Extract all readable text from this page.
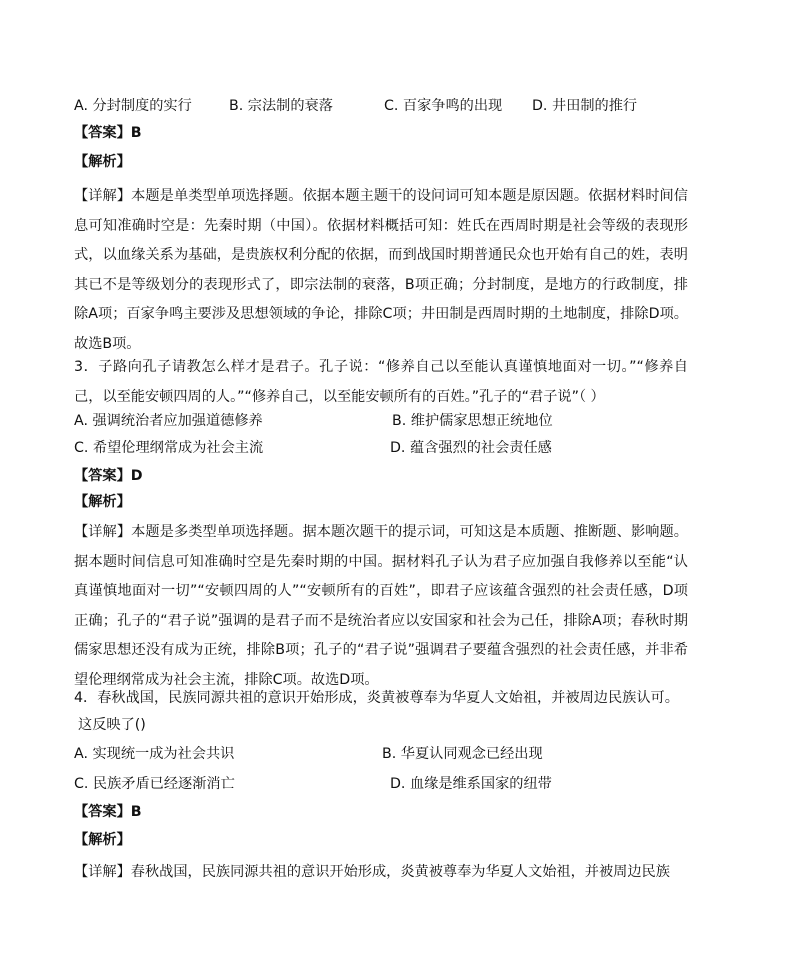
A. 分封制度的实行	B. 宗法制的衰落	C. 百家争鸣的出现 D. 井田制的推行
【答案】B
【解析】
【详解】本题是单类型单项选择题。依据本题主题干的设问词可知本题是原因题。依据材料时间信息可知准确时空是：先秦时期（中国）。依据材料概括可知：姓氏在西周时期是社会等级的表现形式，以血缘关系为基础，是贵族权利分配的依据，而到战国时期普通民众也开始有自己的姓，表明其已不是等级划分的表现形式了，即宗法制的衰落，B项正确；分封制度，是地方的行政制度，排除A项；百家争鸣主要涉及思想领域的争论，排除C项；井田制是西周时期的土地制度，排除D项。故选B项。
3．子路向孔子请教怎么样才是君子。孔子说：“修养自己以至能认真谨慎地面对一切。”“修养自己，以至能安顿四周的人。”“修养自己，以至能安顿所有的百姓。”孔子的“君子说”（ ）
A. 强调统治者应加强道德修养	B. 维护儒家思想正统地位
C. 希望伦理纲常成为社会主流	D. 蕴含强烈的社会责任感
【答案】D
【解析】
【详解】本题是多类型单项选择题。据本题次题干的提示词，可知这是本质题、推断题、影响题。据本题时间信息可知准确时空是先秦时期的中国。据材料孔子认为君子应加强自我修养以至能“认真谨慎地面对一切”“安顿四周的人”“安顿所有的百姓”，即君子应该蕴含强烈的社会责任感，D项正确；孔子的“君子说”强调的是君子而不是统治者应以安国家和社会为己任，排除A项；春秋时期儒家思想还没有成为正统，排除B项；孔子的“君子说”强调君子要蕴含强烈的社会责任感，并非希望伦理纲常成为社会主流，排除C项。故选D项。
4．春秋战国，民族同源共祖的意识开始形成，炎黄被尊奉为华夏人文始祖，并被周边民族认可。
这反映了()
A. 实现统一成为社会共识	B. 华夏认同观念已经出现
C. 民族矛盾已经逐渐消亡	D. 血缘是维系国家的纽带
【答案】B
【解析】
【详解】春秋战国，民族同源共祖的意识开始形成，炎黄被尊奉为华夏人文始祖，并被周边民族
